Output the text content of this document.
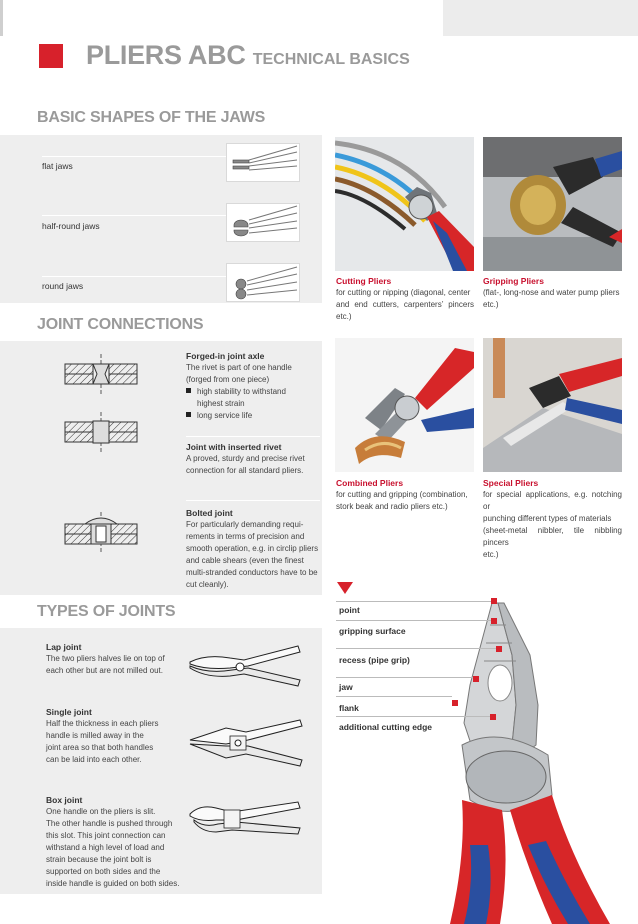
PLIERS ABC TECHNICAL BASICS
BASIC SHAPES OF THE JAWS
flat jaws
half-round jaws
round jaws
JOINT CONNECTIONS
Forged-in joint axle
The rivet is part of one handle
(forged from one piece)
high stability to withstand
highest strain
long service life
Joint with inserted rivet
A proved, sturdy and precise rivet
connection for all standard pliers.
Bolted joint
For particularly demanding requi-
rements in terms of precision and
smooth operation, e.g. in circlip pliers
and cable shears (even the finest
multi-stranded conductors have to be
cut cleanly).
TYPES OF JOINTS
Lap joint
The two pliers halves lie on top of
each other but are not milled out.
Single joint
Half the thickness in each pliers
handle is milled away in the
joint area so that both handles
can be laid into each other.
Box joint
One handle on the pliers is slit.
The other handle is pushed through
this slot. This joint connection can
withstand a high level of load and
strain because the joint bolt is
supported on both sides and the
inside handle is guided on both sides.
Cutting Pliers
for cutting or nipping (diagonal, center
and end cutters, carpenters’ pincers etc.)
Gripping Pliers
(flat-, long-nose and water pump pliers
etc.)
Combined Pliers
for cutting and gripping (combination,
stork beak and radio pliers etc.)
Special Pliers
for special applications, e.g. notching or
punching different types of materials
(sheet-metal nibbler, tile nibbling pincers
etc.)
point
gripping surface
recess (pipe grip)
jaw
flank
additional cutting edge
